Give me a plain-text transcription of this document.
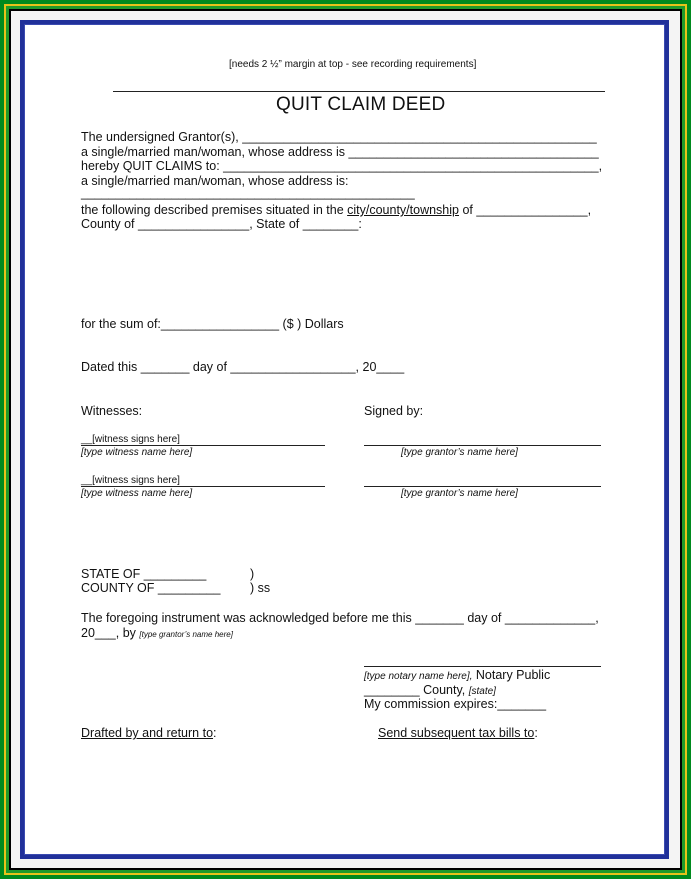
[needs 2 ½” margin at top - see recording requirements]
QUIT CLAIM DEED
The undersigned Grantor(s), ___________________________________________________
a single/married man/woman, whose address is ____________________________________
hereby QUIT CLAIMS to: ______________________________________________________,
a single/married man/woman, whose address is:
________________________________________________
the following described premises situated in the city/county/township of ________________,
County of ________________, State of ________:
for the sum of:_________________ ($ ) Dollars
Dated this _______ day of __________________, 20____
Witnesses:	Signed by:
__[witness signs here]
[type witness name here]	[type grantor’s name here]
__[witness signs here]
[type witness name here]	[type grantor’s name here]
STATE OF _________	)
COUNTY OF _________ ) ss
The foregoing instrument was acknowledged before me this _______ day of _____________,
20___, by [type grantor’s name here]
[type notary name here], Notary Public
________ County, [state]
My commission expires:_______
Drafted by and return to:	Send subsequent tax bills to:
